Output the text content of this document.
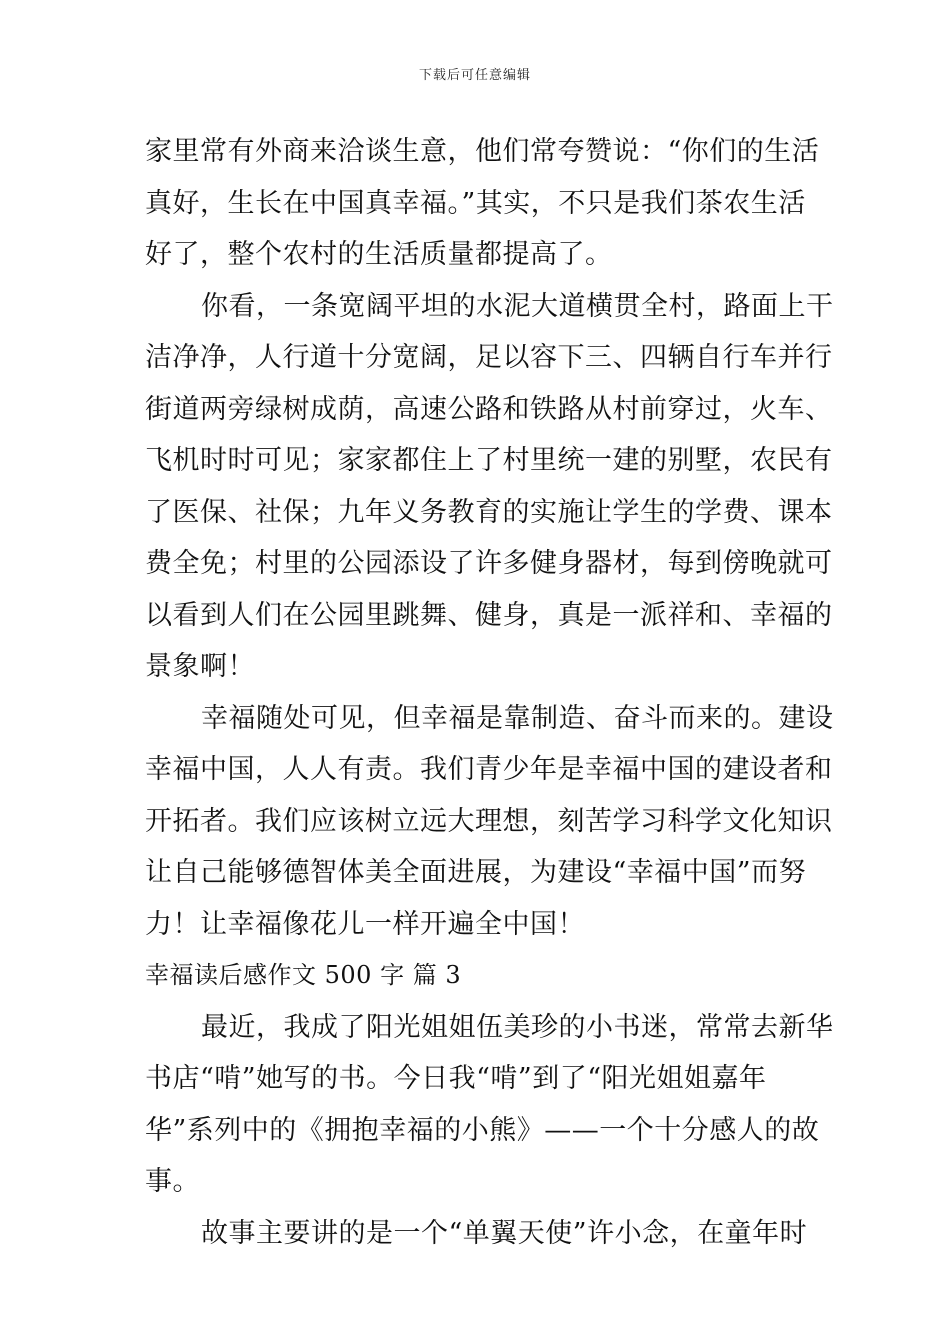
下载后可任意编辑
家里常有外商来洽谈生意，他们常夸赞说：“你们的生活
真好，生长在中国真幸福。”其实，不只是我们茶农生活
好了，整个农村的生活质量都提高了。
你看，一条宽阔平坦的水泥大道横贯全村，路面上干
洁净净，人行道十分宽阔，足以容下三、四辆自行车并行
街道两旁绿树成荫，高速公路和铁路从村前穿过，火车、
飞机时时可见；家家都住上了村里统一建的别墅，农民有
了医保、社保；九年义务教育的实施让学生的学费、课本
费全免；村里的公园添设了许多健身器材，每到傍晚就可
以看到人们在公园里跳舞、健身，真是一派祥和、幸福的
景象啊！
幸福随处可见，但幸福是靠制造、奋斗而来的。建设
幸福中国，人人有责。我们青少年是幸福中国的建设者和
开拓者。我们应该树立远大理想，刻苦学习科学文化知识
让自己能够德智体美全面进展，为建设“幸福中国”而努
力！让幸福像花儿一样开遍全中国！
幸福读后感作文 500 字 篇 3
最近，我成了阳光姐姐伍美珍的小书迷，常常去新华
书店“啃”她写的书。今日我“啃”到了“阳光姐姐嘉年
华”系列中的《拥抱幸福的小熊》——一个十分感人的故
事。
故事主要讲的是一个“单翼天使”许小念，在童年时
